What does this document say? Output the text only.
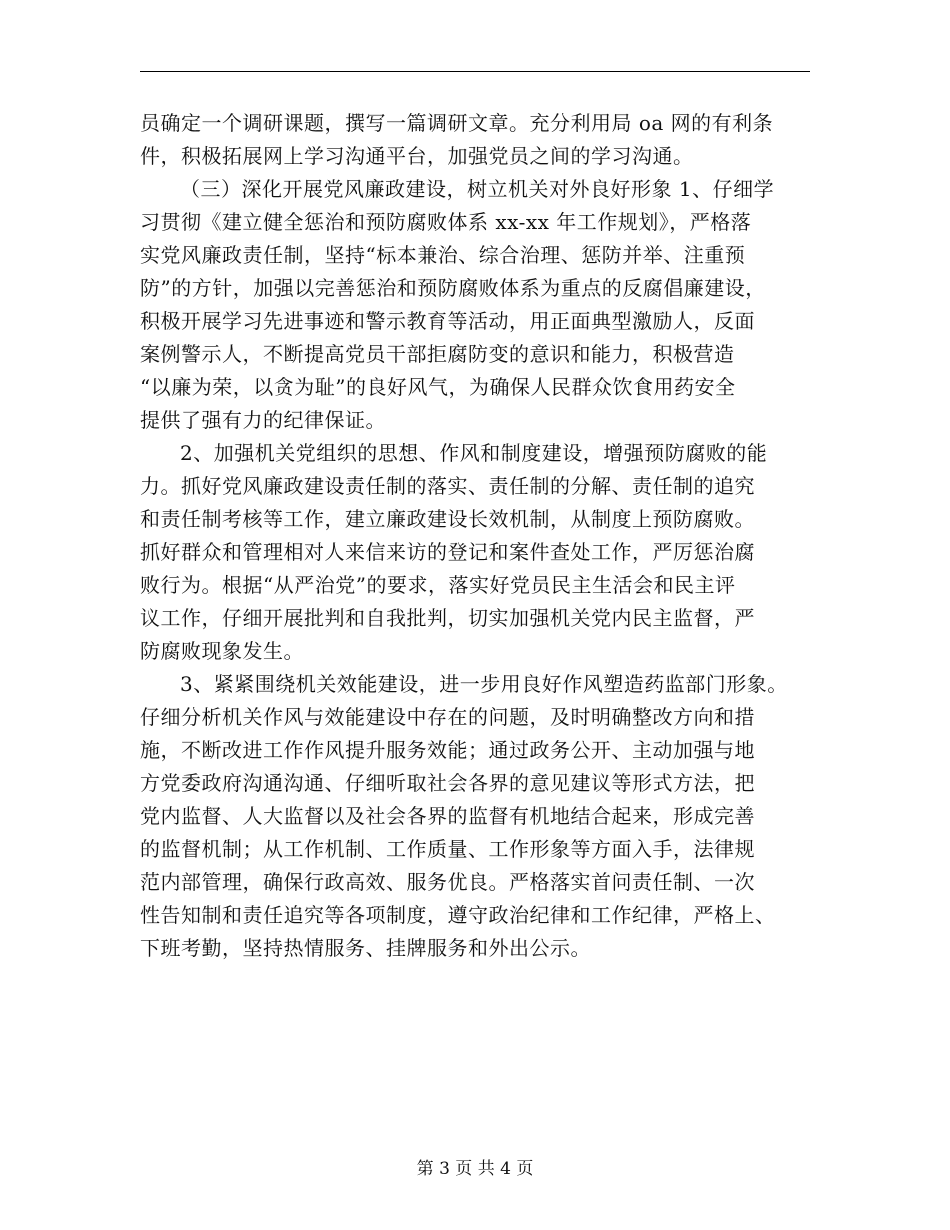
员确定一个调研课题，撰写一篇调研文章。充分利用局 oa 网的有利条
件，积极拓展网上学习沟通平台，加强党员之间的学习沟通。
（三）深化开展党风廉政建设，树立机关对外良好形象 1、仔细学
习贯彻《建立健全惩治和预防腐败体系 xx-xx 年工作规划》，严格落
实党风廉政责任制，坚持“标本兼治、综合治理、惩防并举、注重预
防”的方针，加强以完善惩治和预防腐败体系为重点的反腐倡廉建设，
积极开展学习先进事迹和警示教育等活动，用正面典型激励人，反面
案例警示人，不断提高党员干部拒腐防变的意识和能力，积极营造
“以廉为荣，以贪为耻”的良好风气，为确保人民群众饮食用药安全
提供了强有力的纪律保证。
2、加强机关党组织的思想、作风和制度建设，增强预防腐败的能
力。抓好党风廉政建设责任制的落实、责任制的分解、责任制的追究
和责任制考核等工作，建立廉政建设长效机制，从制度上预防腐败。
抓好群众和管理相对人来信来访的登记和案件查处工作，严厉惩治腐
败行为。根据“从严治党”的要求，落实好党员民主生活会和民主评
议工作，仔细开展批判和自我批判，切实加强机关党内民主监督，严
防腐败现象发生。
3、紧紧围绕机关效能建设，进一步用良好作风塑造药监部门形象。
仔细分析机关作风与效能建设中存在的问题，及时明确整改方向和措
施，不断改进工作作风提升服务效能；通过政务公开、主动加强与地
方党委政府沟通沟通、仔细听取社会各界的意见建议等形式方法，把
党内监督、人大监督以及社会各界的监督有机地结合起来，形成完善
的监督机制；从工作机制、工作质量、工作形象等方面入手，法律规
范内部管理，确保行政高效、服务优良。严格落实首问责任制、一次
性告知制和责任追究等各项制度，遵守政治纪律和工作纪律，严格上、
下班考勤，坚持热情服务、挂牌服务和外出公示。
第 3 页 共 4 页
